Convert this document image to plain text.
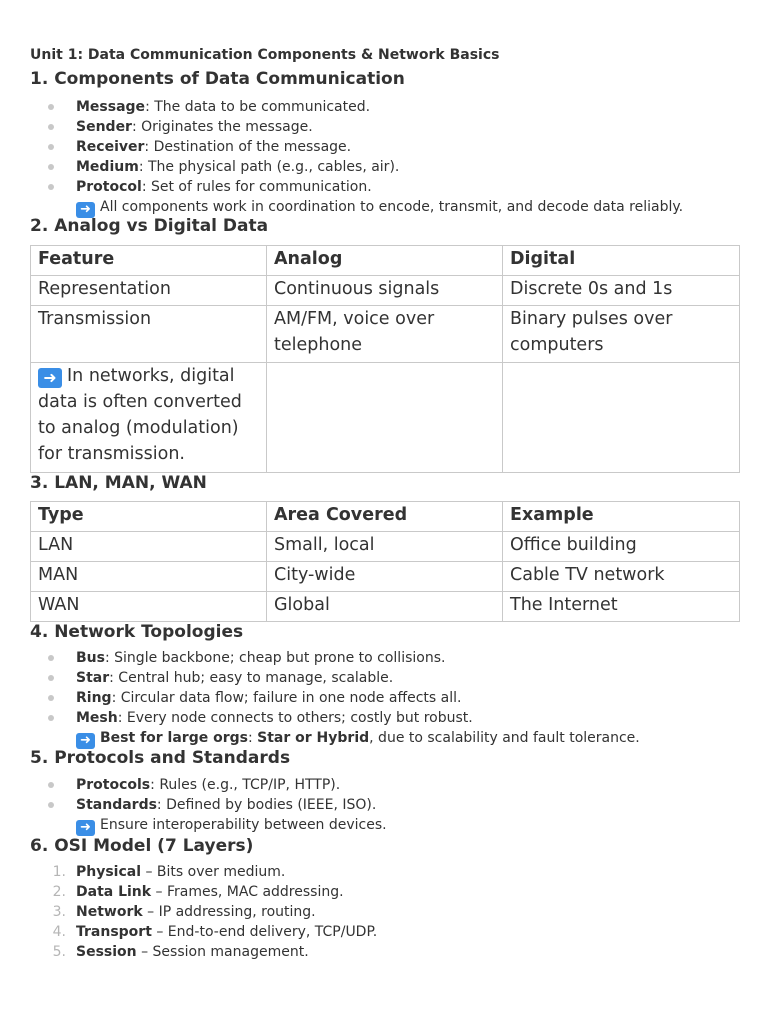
Unit 1: Data Communication Components & Network Basics
1. Components of Data Communication
Message: The data to be communicated.
Sender: Originates the message.
Receiver: Destination of the message.
Medium: The physical path (e.g., cables, air).
Protocol: Set of rules for communication.
➜ All components work in coordination to encode, transmit, and decode data reliably.
2. Analog vs Digital Data
Feature	Analog	Digital
Representation	Continuous signals	Discrete 0s and 1s
Transmission	AM/FM, voice over telephone	Binary pulses over computers
➜ In networks, digital data is often converted to analog (modulation) for transmission.		
3. LAN, MAN, WAN
Type	Area Covered	Example
LAN	Small, local	Office building
MAN	City-wide	Cable TV network
WAN	Global	The Internet
4. Network Topologies
Bus: Single backbone; cheap but prone to collisions.
Star: Central hub; easy to manage, scalable.
Ring: Circular data flow; failure in one node affects all.
Mesh: Every node connects to others; costly but robust.
➜ Best for large orgs: Star or Hybrid, due to scalability and fault tolerance.
5. Protocols and Standards
Protocols: Rules (e.g., TCP/IP, HTTP).
Standards: Defined by bodies (IEEE, ISO).
➜ Ensure interoperability between devices.
6. OSI Model (7 Layers)
1. Physical – Bits over medium.
2. Data Link – Frames, MAC addressing.
3. Network – IP addressing, routing.
4. Transport – End-to-end delivery, TCP/UDP.
5. Session – Session management.
